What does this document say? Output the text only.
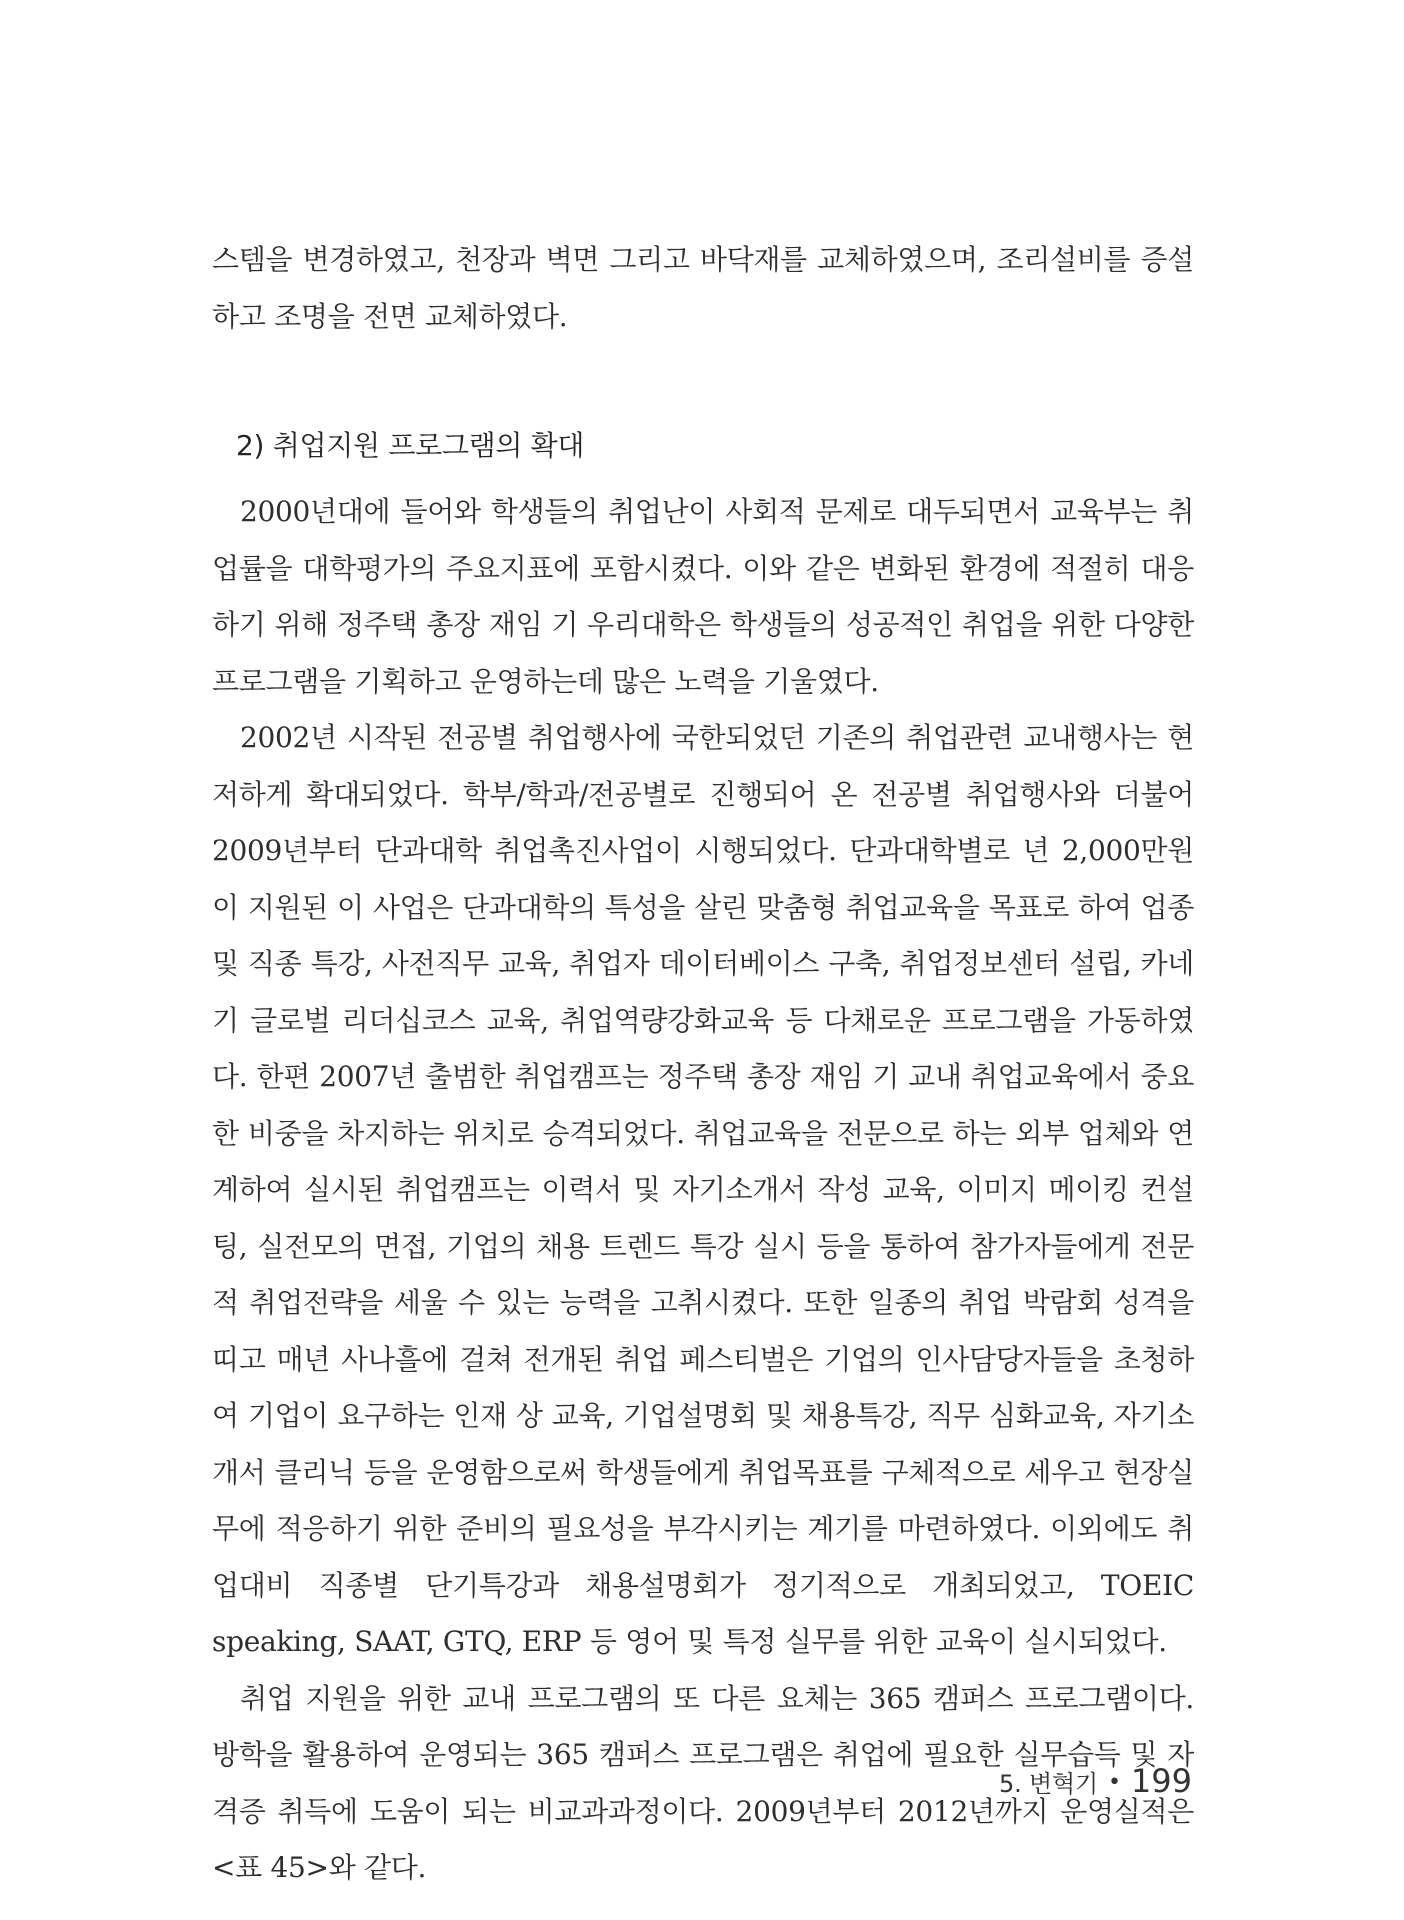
스템을 변경하였고, 천장과 벽면 그리고 바닥재를 교체하였으며, 조리설비를 증설하고 조명을 전면 교체하였다.

2) 취업지원 프로그램의 확대

2000년대에 들어와 학생들의 취업난이 사회적 문제로 대두되면서 교육부는 취업률을 대학평가의 주요지표에 포함시켰다. 이와 같은 변화된 환경에 적절히 대응하기 위해 정주택 총장 재임 기 우리대학은 학생들의 성공적인 취업을 위한 다양한 프로그램을 기획하고 운영하는데 많은 노력을 기울였다.

2002년 시작된 전공별 취업행사에 국한되었던 기존의 취업관련 교내행사는 현저하게 확대되었다. 학부/학과/전공별로 진행되어 온 전공별 취업행사와 더불어 2009년부터 단과대학 취업촉진사업이 시행되었다. 단과대학별로 년 2,000만원이 지원된 이 사업은 단과대학의 특성을 살린 맞춤형 취업교육을 목표로 하여 업종 및 직종 특강, 사전직무 교육, 취업자 데이터베이스 구축, 취업정보센터 설립, 카네기 글로벌 리더십코스 교육, 취업역량강화교육 등 다채로운 프로그램을 가동하였다. 한편 2007년 출범한 취업캠프는 정주택 총장 재임 기 교내 취업교육에서 중요한 비중을 차지하는 위치로 승격되었다. 취업교육을 전문으로 하는 외부 업체와 연계하여 실시된 취업캠프는 이력서 및 자기소개서 작성 교육, 이미지 메이킹 컨설팅, 실전모의 면접, 기업의 채용 트렌드 특강 실시 등을 통하여 참가자들에게 전문적 취업전략을 세울 수 있는 능력을 고취시켰다. 또한 일종의 취업 박람회 성격을 띠고 매년 사나흘에 걸쳐 전개된 취업 페스티벌은 기업의 인사담당자들을 초청하여 기업이 요구하는 인재 상 교육, 기업설명회 및 채용특강, 직무 심화교육, 자기소개서 클리닉 등을 운영함으로써 학생들에게 취업목표를 구체적으로 세우고 현장실무에 적응하기 위한 준비의 필요성을 부각시키는 계기를 마련하였다. 이외에도 취업대비 직종별 단기특강과 채용설명회가 정기적으로 개최되었고, TOEIC speaking, SAAT, GTQ, ERP 등 영어 및 특정 실무를 위한 교육이 실시되었다.

취업 지원을 위한 교내 프로그램의 또 다른 요체는 365 캠퍼스 프로그램이다. 방학을 활용하여 운영되는 365 캠퍼스 프로그램은 취업에 필요한 실무습득 및 자격증 취득에 도움이 되는 비교과과정이다. 2009년부터 2012년까지 운영실적은 <표 45>와 같다.

5. 변혁기 • 199
